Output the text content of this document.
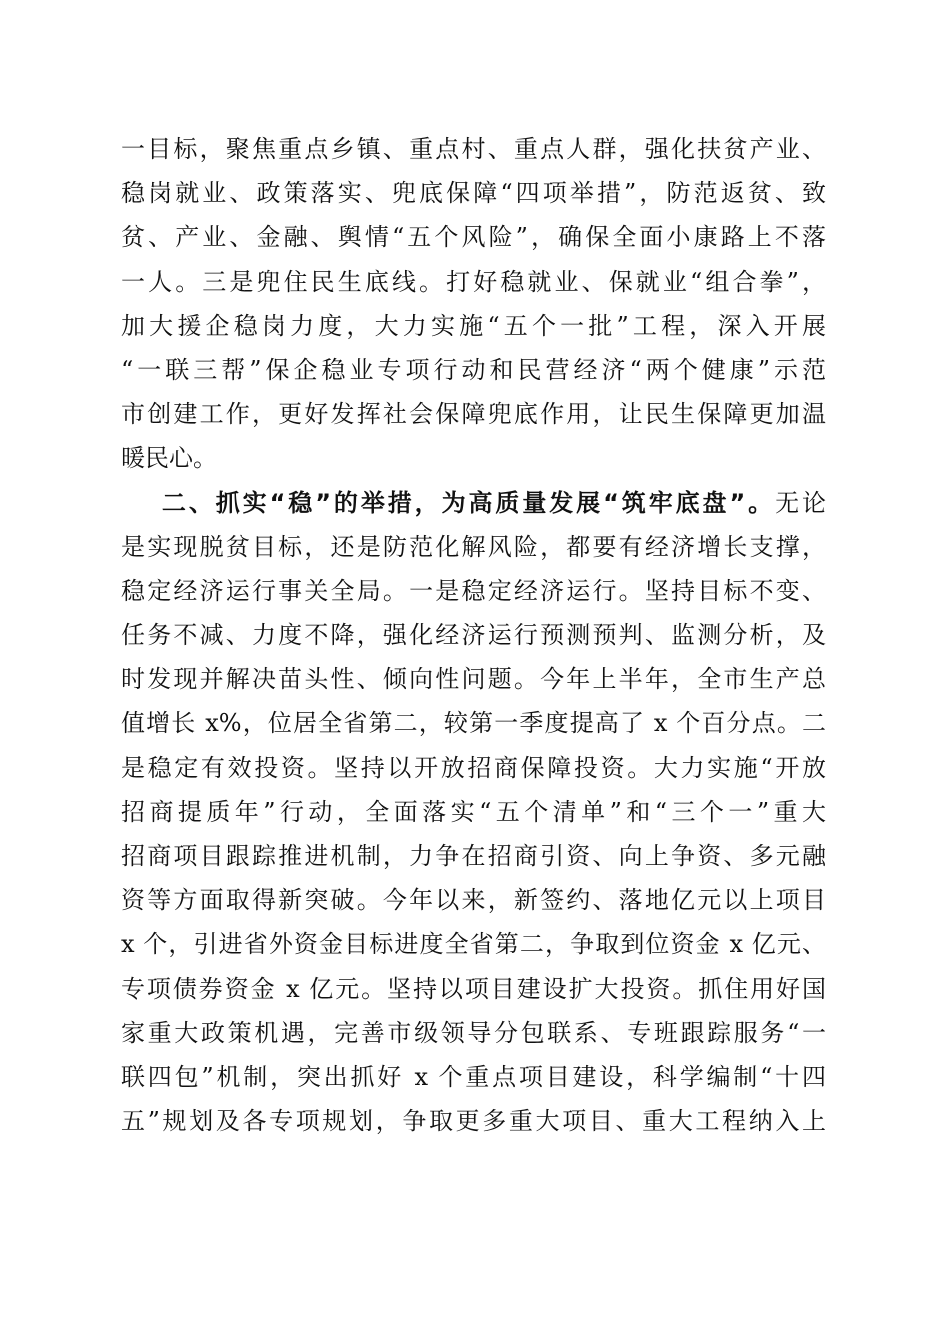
一目标，聚焦重点乡镇、重点村、重点人群，强化扶贫产业、
稳岗就业、政策落实、兜底保障“四项举措”，防范返贫、致
贫、产业、金融、舆情“五个风险”，确保全面小康路上不落
一人。三是兜住民生底线。打好稳就业、保就业“组合拳”，
加大援企稳岗力度，大力实施“五个一批”工程，深入开展
“一联三帮”保企稳业专项行动和民营经济“两个健康”示范
市创建工作，更好发挥社会保障兜底作用，让民生保障更加温
暖民心。
二、抓实“稳”的举措，为高质量发展“筑牢底盘”。无论
是实现脱贫目标，还是防范化解风险，都要有经济增长支撑，
稳定经济运行事关全局。一是稳定经济运行。坚持目标不变、
任务不减、力度不降，强化经济运行预测预判、监测分析，及
时发现并解决苗头性、倾向性问题。今年上半年，全市生产总
值增长 x%，位居全省第二，较第一季度提高了 x 个百分点。二
是稳定有效投资。坚持以开放招商保障投资。大力实施“开放
招商提质年”行动，全面落实“五个清单”和“三个一”重大
招商项目跟踪推进机制，力争在招商引资、向上争资、多元融
资等方面取得新突破。今年以来，新签约、落地亿元以上项目
x 个，引进省外资金目标进度全省第二，争取到位资金 x 亿元、
专项债券资金 x 亿元。坚持以项目建设扩大投资。抓住用好国
家重大政策机遇，完善市级领导分包联系、专班跟踪服务“一
联四包”机制，突出抓好 x 个重点项目建设，科学编制“十四
五”规划及各专项规划，争取更多重大项目、重大工程纳入上
